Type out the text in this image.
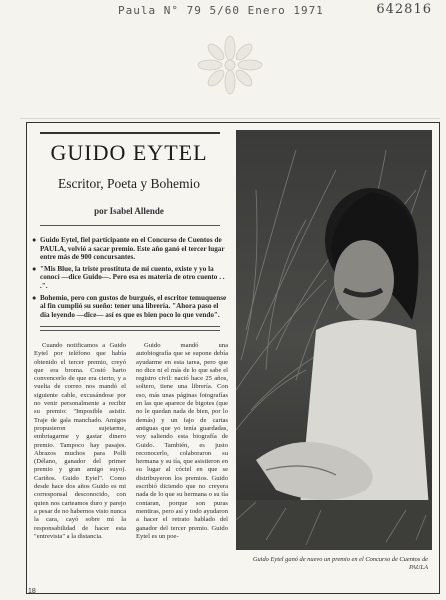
Paula N° 79 5/60 Enero 1971	642816
GUIDO EYTEL
Escritor, Poeta y Bohemio
por Isabel Allende
● Guido Eytel, fiel participante en el Concurso de Cuentos de PAULA, volvió a sacar premio. Este año ganó el tercer lugar entre más de 900 concursantes.
● "Mis Blue, la triste prostituta de mi cuento, existe y yo la conocí —dice Guido—. Pero esa es materia de otro cuento . . .".
● Bohemio, pero con gustos de burgués, el escritor temuquense al fin cumplió su sueño: tener una librería. "Ahora paso el día leyendo —dice— así es que es bien poco lo que vendo".

Cuando notificamos a Guido Eytel por teléfono que había obtenido el tercer premio, creyó que era broma. Costó harto convencerlo de que era cierto, y a vuelta de correo nos mandó el siguiente cable, excusándose por no venir personalmente a recibir su premio: "Imposible asistir. Traje de gala manchado. Amigos propusieron sujetarme, embriagarme y gastar dinero premio. Tampoco hay pasajes. Abrazos muchos para Polli (Délano, ganador del primer premio y gran amigo suyo). Cariños. Guido Eytel". Como desde hace dos años Guido es mi corresponsal desconocido, con quien nos carteamos duro y parejo a pesar de no habernos visto nunca la cara, cayó sobre mí la responsabilidad de hacer esta "entrevista" a la distancia.

Guido mandó una autobiografía que se supone debía ayudarme en esta tarea, pero que no dice ni el más de lo que sabe el registro civil: nació hace 25 años, soltero, tiene una librería. Con eso, más unas páginas fotografías en las que aparece de bigotes (que no le quedan nada de bien, por lo demás) y un fajo de cartas antiguas que yo tenía guardadas, voy saliendo esta biografía de Guido. También, es justo reconocerlo, colaboraron su hermana y su tía, que asistieron en su lugar al cóctel en que se distribuyeron los premios. Guido escribió diciendo que no creyera nada de lo que su hermana o su tía contaran, porque son puras mentiras, pero así y todo ayudaron a hacer el retrato hablado del ganador del tercer premio. Guido Eytel es un poe-

Guido Eytel ganó de nuevo un premio en el Concurso de Cuentos de PAULA
18
